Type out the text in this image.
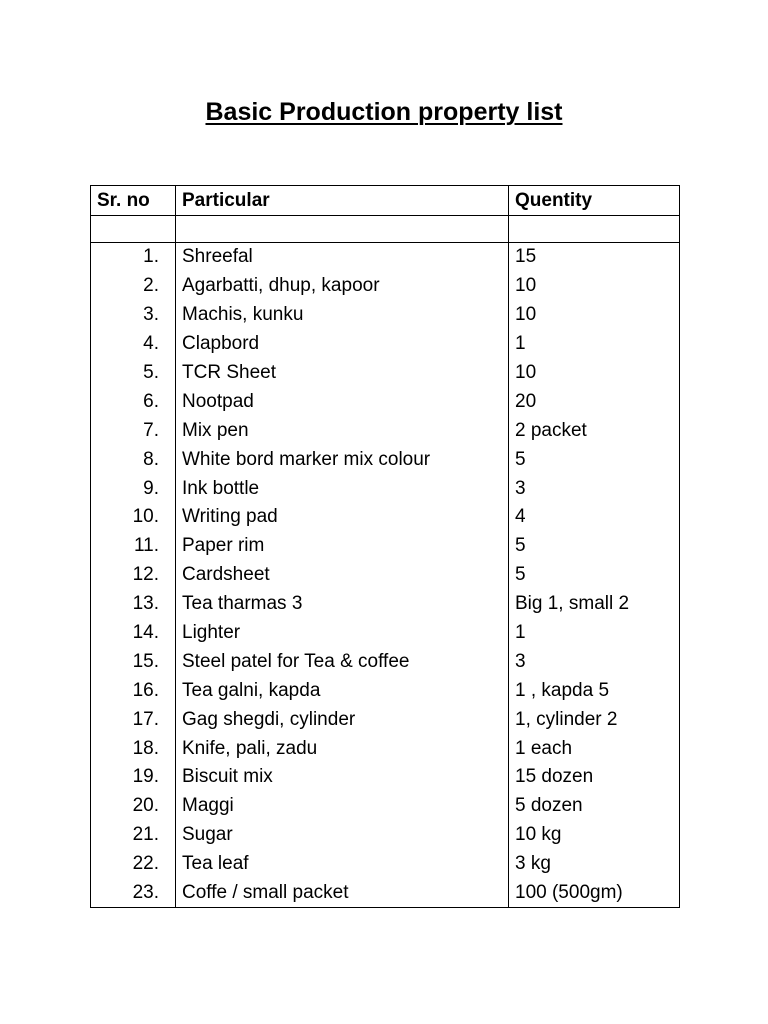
Basic Production property list
Sr. no	Particular	Quentity

1.	Shreefal	15
2.	Agarbatti, dhup, kapoor	10
3.	Machis, kunku	10
4.	Clapbord	1
5.	TCR Sheet	10
6.	Nootpad	20
7.	Mix pen	2 packet
8.	White bord marker mix colour	5
9.	Ink bottle	3
10.	Writing pad	4
11.	Paper rim	5
12.	Cardsheet	5
13.	Tea tharmas 3	Big 1, small 2
14.	Lighter	1
15.	Steel patel for Tea & coffee	3
16.	Tea galni, kapda	1 , kapda 5
17.	Gag shegdi, cylinder	1, cylinder 2
18.	Knife, pali, zadu	1 each
19.	Biscuit mix	15 dozen
20.	Maggi	5 dozen
21.	Sugar	10 kg
22.	Tea leaf	3 kg
23.	Coffe / small packet	100 (500gm)
